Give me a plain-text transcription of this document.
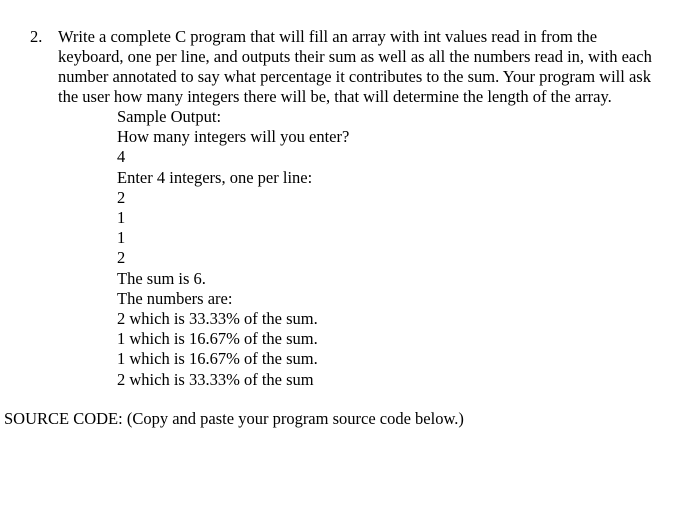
2. Write a complete C program that will fill an array with int values read in from the
keyboard, one per line, and outputs their sum as well as all the numbers read in, with each
number annotated to say what percentage it contributes to the sum. Your program will ask
the user how many integers there will be, that will determine the length of the array.
Sample Output:
How many integers will you enter?
4
Enter 4 integers, one per line:
2
1
1
2
The sum is 6.
The numbers are:
2 which is 33.33% of the sum.
1 which is 16.67% of the sum.
1 which is 16.67% of the sum.
2 which is 33.33% of the sum
SOURCE CODE: (Copy and paste your program source code below.)
